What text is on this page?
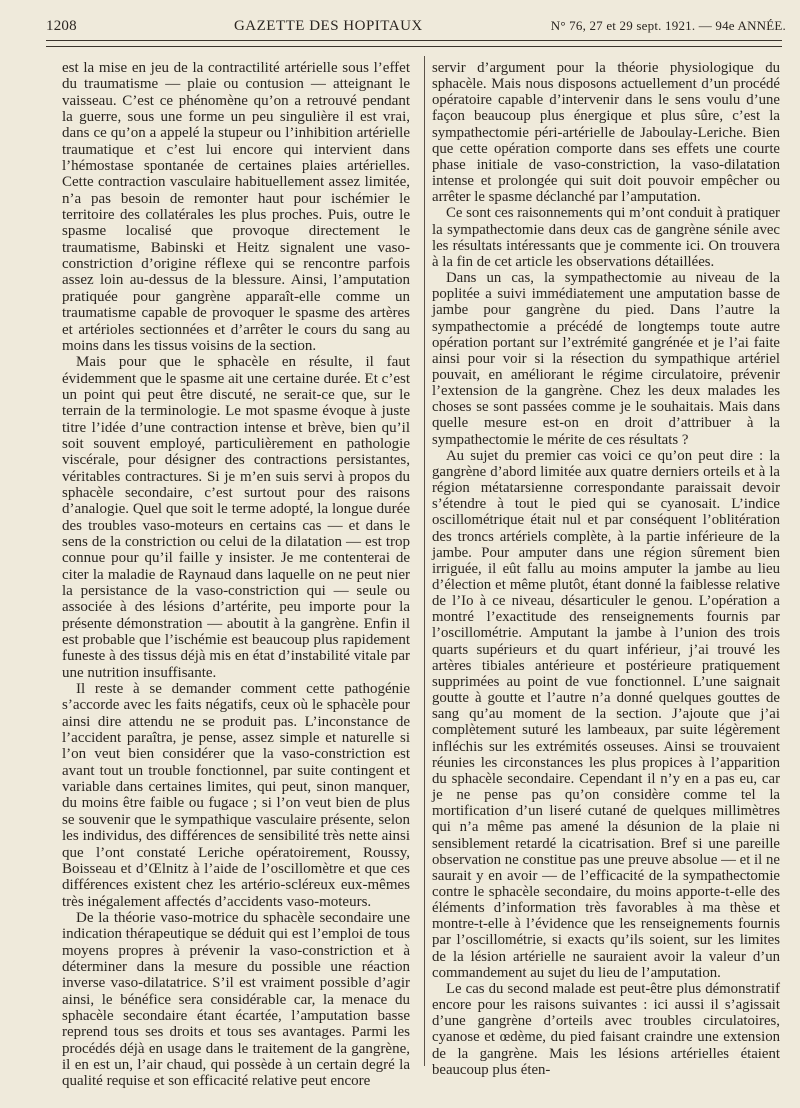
1208	GAZETTE DES HOPITAUX	N° 76, 27 et 29 sept. 1921. — 94e ANNÉE.

est la mise en jeu de la contractilité artérielle sous l’effet du traumatisme — plaie ou contusion — atteignant le vaisseau. C’est ce phénomène qu’on a retrouvé pendant la guerre, sous une forme un peu singulière il est vrai, dans ce qu’on a appelé la stupeur ou l’inhibition artérielle traumatique et c’est lui encore qui intervient dans l’hémostase spontanée de certaines plaies artérielles. Cette contraction vasculaire habituellement assez limitée, n’a pas besoin de remonter haut pour ischémier le territoire des collatérales les plus proches. Puis, outre le spasme localisé que provoque directement le traumatisme, Babinski et Heitz signalent une vaso-constriction d’origine réflexe qui se rencontre parfois assez loin au-dessus de la blessure. Ainsi, l’amputation pratiquée pour gangrène apparaît-elle comme un traumatisme capable de provoquer le spasme des artères et artérioles sectionnées et d’arrêter le cours du sang au moins dans les tissus voisins de la section.

Mais pour que le sphacèle en résulte, il faut évidemment que le spasme ait une certaine durée. Et c’est un point qui peut être discuté, ne serait-ce que, sur le terrain de la terminologie. Le mot spasme évoque à juste titre l’idée d’une contraction intense et brève, bien qu’il soit souvent employé, particulièrement en pathologie viscérale, pour désigner des contractions persistantes, véritables contractures. Si je m’en suis servi à propos du sphacèle secondaire, c’est surtout pour des raisons d’analogie. Quel que soit le terme adopté, la longue durée des troubles vaso-moteurs en certains cas — et dans le sens de la constriction ou celui de la dilatation — est trop connue pour qu’il faille y insister. Je me contenterai de citer la maladie de Raynaud dans laquelle on ne peut nier la persistance de la vaso-constriction qui — seule ou associée à des lésions d’artérite, peu importe pour la présente démonstration — aboutit à la gangrène. Enfin il est probable que l’ischémie est beaucoup plus rapidement funeste à des tissus déjà mis en état d’instabilité vitale par une nutrition insuffisante.

Il reste à se demander comment cette pathogénie s’accorde avec les faits négatifs, ceux où le sphacèle pour ainsi dire attendu ne se produit pas. L’inconstance de l’accident paraîtra, je pense, assez simple et naturelle si l’on veut bien considérer que la vaso-constriction est avant tout un trouble fonctionnel, par suite contingent et variable dans certaines limites, qui peut, sinon manquer, du moins être faible ou fugace ; si l’on veut bien de plus se souvenir que le sympathique vasculaire présente, selon les individus, des différences de sensibilité très nette ainsi que l’ont constaté Leriche opératoirement, Roussy, Boisseau et d’Œlnitz à l’aide de l’oscillomètre et que ces différences existent chez les artério-scléreux eux-mêmes très inégalement affectés d’accidents vaso-moteurs.

De la théorie vaso-motrice du sphacèle secondaire une indication thérapeutique se déduit qui est l’emploi de tous moyens propres à prévenir la vaso-constriction et à déterminer dans la mesure du possible une réaction inverse vaso-dilatatrice. S’il est vraiment possible d’agir ainsi, le bénéfice sera considérable car, la menace du sphacèle secondaire étant écartée, l’amputation basse reprend tous ses droits et tous ses avantages. Parmi les procédés déjà en usage dans le traitement de la gangrène, il en est un, l’air chaud, qui possède à un certain degré la qualité requise et son efficacité relative peut encore

servir d’argument pour la théorie physiologique du sphacèle. Mais nous disposons actuellement d’un procédé opératoire capable d’intervenir dans le sens voulu d’une façon beaucoup plus énergique et plus sûre, c’est la sympathectomie péri-artérielle de Jaboulay-Leriche. Bien que cette opération comporte dans ses effets une courte phase initiale de vaso-constriction, la vaso-dilatation intense et prolongée qui suit doit pouvoir empêcher ou arrêter le spasme déclanché par l’amputation.

Ce sont ces raisonnements qui m’ont conduit à pratiquer la sympathectomie dans deux cas de gangrène sénile avec les résultats intéressants que je commente ici. On trouvera à la fin de cet article les observations détaillées.

Dans un cas, la sympathectomie au niveau de la poplitée a suivi immédiatement une amputation basse de jambe pour gangrène du pied. Dans l’autre la sympathectomie a précédé de longtemps toute autre opération portant sur l’extrémité gangrénée et je l’ai faite ainsi pour voir si la résection du sympathique artériel pouvait, en améliorant le régime circulatoire, prévenir l’extension de la gangrène. Chez les deux malades les choses se sont passées comme je le souhaitais. Mais dans quelle mesure est-on en droit d’attribuer à la sympathectomie le mérite de ces résultats ?

Au sujet du premier cas voici ce qu’on peut dire : la gangrène d’abord limitée aux quatre derniers orteils et à la région métatarsienne correspondante paraissait devoir s’étendre à tout le pied qui se cyanosait. L’indice oscillométrique était nul et par conséquent l’oblitération des troncs artériels complète, à la partie inférieure de la jambe. Pour amputer dans une région sûrement bien irriguée, il eût fallu au moins amputer la jambe au lieu d’élection et même plutôt, étant donné la faiblesse relative de l’Io à ce niveau, désarticuler le genou. L’opération a montré l’exactitude des renseignements fournis par l’oscillométrie. Amputant la jambe à l’union des trois quarts supérieurs et du quart inférieur, j’ai trouvé les artères tibiales antérieure et postérieure pratiquement supprimées au point de vue fonctionnel. L’une saignait goutte à goutte et l’autre n’a donné quelques gouttes de sang qu’au moment de la section. J’ajoute que j’ai complètement suturé les lambeaux, par suite légèrement infléchis sur les extrémités osseuses. Ainsi se trouvaient réunies les circonstances les plus propices à l’apparition du sphacèle secondaire. Cependant il n’y en a pas eu, car je ne pense pas qu’on considère comme tel la mortification d’un liseré cutané de quelques millimètres qui n’a même pas amené la désunion de la plaie ni sensiblement retardé la cicatrisation. Bref si une pareille observation ne constitue pas une preuve absolue — et il ne saurait y en avoir — de l’efficacité de la sympathectomie contre le sphacèle secondaire, du moins apporte-t-elle des éléments d’information très favorables à ma thèse et montre-t-elle à l’évidence que les renseignements fournis par l’oscillométrie, si exacts qu’ils soient, sur les limites de la lésion artérielle ne sauraient avoir la valeur d’un commandement au sujet du lieu de l’amputation.

Le cas du second malade est peut-être plus démonstratif encore pour les raisons suivantes : ici aussi il s’agissait d’une gangrène d’orteils avec troubles circulatoires, cyanose et œdème, du pied faisant craindre une extension de la gangrène. Mais les lésions artérielles étaient beaucoup plus éten-
